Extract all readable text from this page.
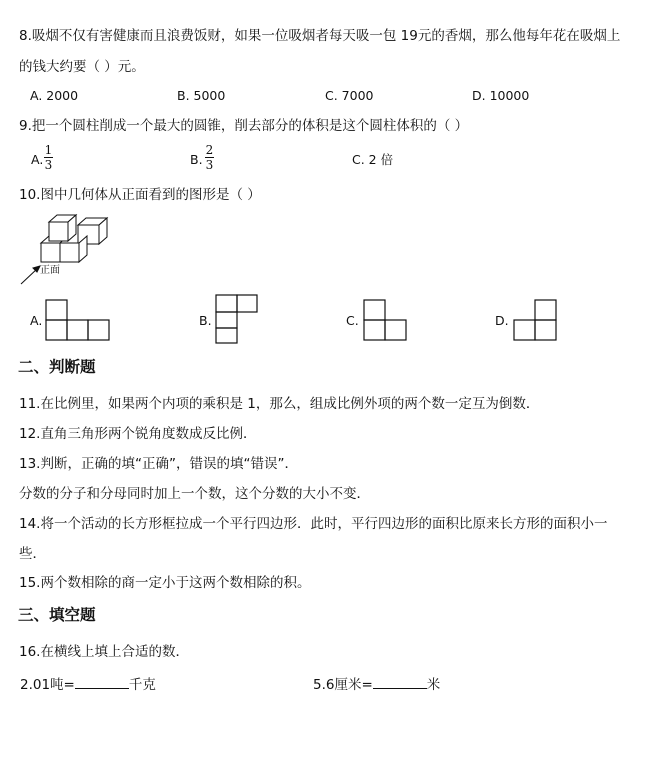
8.吸烟不仅有害健康而且浪费饭财，如果一位吸烟者每天吸一包 19元的香烟，那么他每年花在吸烟上
的钱大约要（ ）元。
A. 2000	B. 5000	C. 7000	D. 10000
9.把一个圆柱削成一个最大的圆锥，削去部分的体积是这个圆柱体积的（ ）
A.
1
3	B.
2
3	C. 2 倍
10.图中几何体从正面看到的图形是（ ）
正面
A.	B.	C.	D.
二、判断题
11.在比例里，如果两个内项的乘积是 1，那么，组成比例外项的两个数一定互为倒数．
12.直角三角形两个锐角度数成反比例．
13.判断，正确的填“正确”，错误的填“错误”．
分数的分子和分母同时加上一个数，这个分数的大小不变．
14.将一个活动的长方形框拉成一个平行四边形．此时，平行四边形的面积比原来长方形的面积小一
些．
15.两个数相除的商一定小于这两个数相除的积。
三、填空题
16.在横线上填上合适的数．
2.01吨=	千克	5.6厘米=	米
